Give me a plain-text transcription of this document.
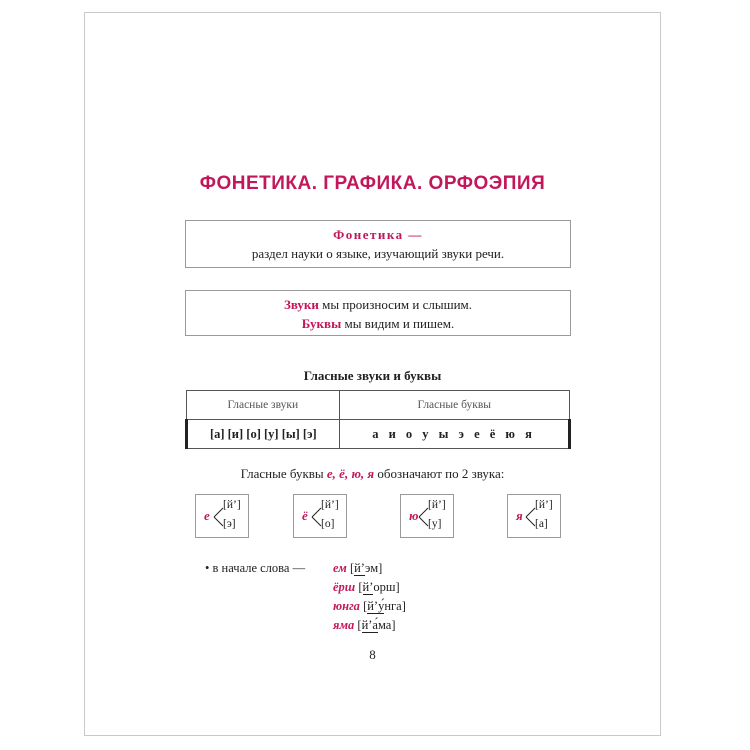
ФОНЕТИКА. ГРАФИКА. ОРФОЭПИЯ
Фонетика —
раздел науки о языке, изучающий звуки речи.
Звуки мы произносим и слышим.
Буквы мы видим и пишем.
Гласные звуки и буквы
Гласные звуки	Гласные буквы
[а] [и] [о] [у] [ы] [э]	а и о у ы э е ё ю я
Гласные буквы е, ё, ю, я обозначают по 2 звука:
е
[й’]
[э]
ё
[й’]
[о]
ю
[й’]
[у]
я
[й’]
[а]
• в начале слова — ем [й’эм]
ёрш [й’орш]
юнга [й’у́нга]
яма [й’а́ма]
8
